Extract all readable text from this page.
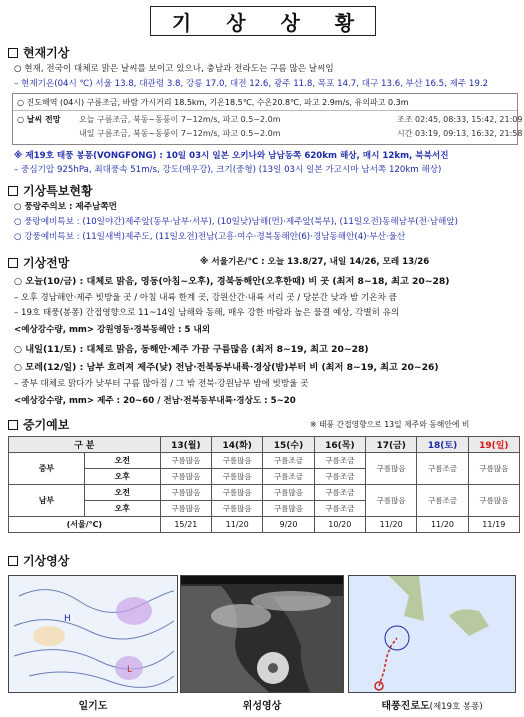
기 상 상 황
현재기상
○ 현재, 전국이 대체로 맑은 날씨를 보이고 있으나, 충남과 전라도는 구름 많은 날씨임
– 현재기온(04시 ℃) 서울 13.8, 대관령 3.8, 강릉 17.0, 대전 12.6, 광주 11.8, 목포 14.7, 대구 13.6, 부산 16.5, 제주 19.2
○ 진도해역 (04시) 구름조금, 바람 가시거리 18.5km, 기온18.5℃, 수온20.8℃, 파고 2.9m/s, 유의파고 0.3m
○ 날씨 전망	오늘 구름조금, 북동~동풍이 7~12m/s, 파고 0.5~2.0m	조조 02:45, 08:33, 15:42, 21:09
내일 구름조금, 북동~동풍이 7~12m/s, 파고 0.5~2.0m	시간 03:19, 09:13, 16:32, 21:58
※ 제19호 태풍 봉퐁(VONGFONG) : 10일 03시 일본 오키나와 남남동쪽 620km 해상, 매시 12km, 북북서진
– 중심기압 925hPa, 최대풍속 51m/s, 강도(매우강), 크기(중형) (13일 03시 일본 가고시마 남서쪽 120km 해상)
기상특보현황
○ 풍랑주의보 : 제주남쪽먼
○ 풍랑예비특보 : (10일야간)제주앞(동부·남부·서부), (10일낮)남해(먼)·제주앞(북부), (11일오전)동해남부(전·남해앞)
○ 강풍예비특보 : (11일새벽)제주도, (11일오전)전남(고흥·여수·경북동해안(6)·경남동해안(4)·부산·울산
기상전망	※ 서울기온/℃ : 오늘 13.8/27, 내일 14/26, 모레 13/26
○ 오늘(10/금) : 대체로 맑음, 영동(아침~오후), 경북동해안(오후한때) 비 곳 (최저 8~18, 최고 20~28)
– 오후 경남해안·제주 빗방울 곳 / 아침 내륙 한계 곳, 강원산간·내륙 서리 곳 / 당분간 낮과 밤 기온차 큼
– 19호 태풍(봉퐁) 간접영향으로 11~14일 남해와 동해, 매우 강한 바람과 높은 물결 예상, 각별히 유의
<예상강수량, mm> 강원영동·경북동해안 : 5 내외
○ 내일(11/토) : 대체로 맑음, 동해안·제주 가끔 구름많음 (최저 8~19, 최고 20~28)
○ 모레(12/일) : 남부 흐려져 제주(낮) 전남·전북동부내륙·경상(밤)부터 비 (최저 8~19, 최고 20~26)
– 중부 대체로 맑다가 낮부터 구름 많아짐 / 그 밖 전북·강원남부 밤에 빗방울 곳
<예상강수량, mm> 제주 : 20~60 / 전남·전북동부내륙·경상도 : 5~20
중기예보	※ 태풍 간접영향으로 13일 제주와 동해안에 비
구 분		13(월)	14(화)	15(수)	16(목)	17(금)	18(토)	19(일)
중부	오전	구름많음	구름많음	구름조금	구름조금	구름많음	구름조금	구름많음
	오후	구름많음	구름많음	구름조금	구름조금			
남부	오전	구름많음	구름많음	구름많음	구름조금	구름많음	구름조금	구름많음
	오후	구름많음	구름많음	구름많음	구름조금			
(서울/℃)		15/21	11/20	9/20	10/20	11/20	11/20	11/19
기상영상
H
L
일기도	위성영상	태풍진로도(제19호 봉퐁)
